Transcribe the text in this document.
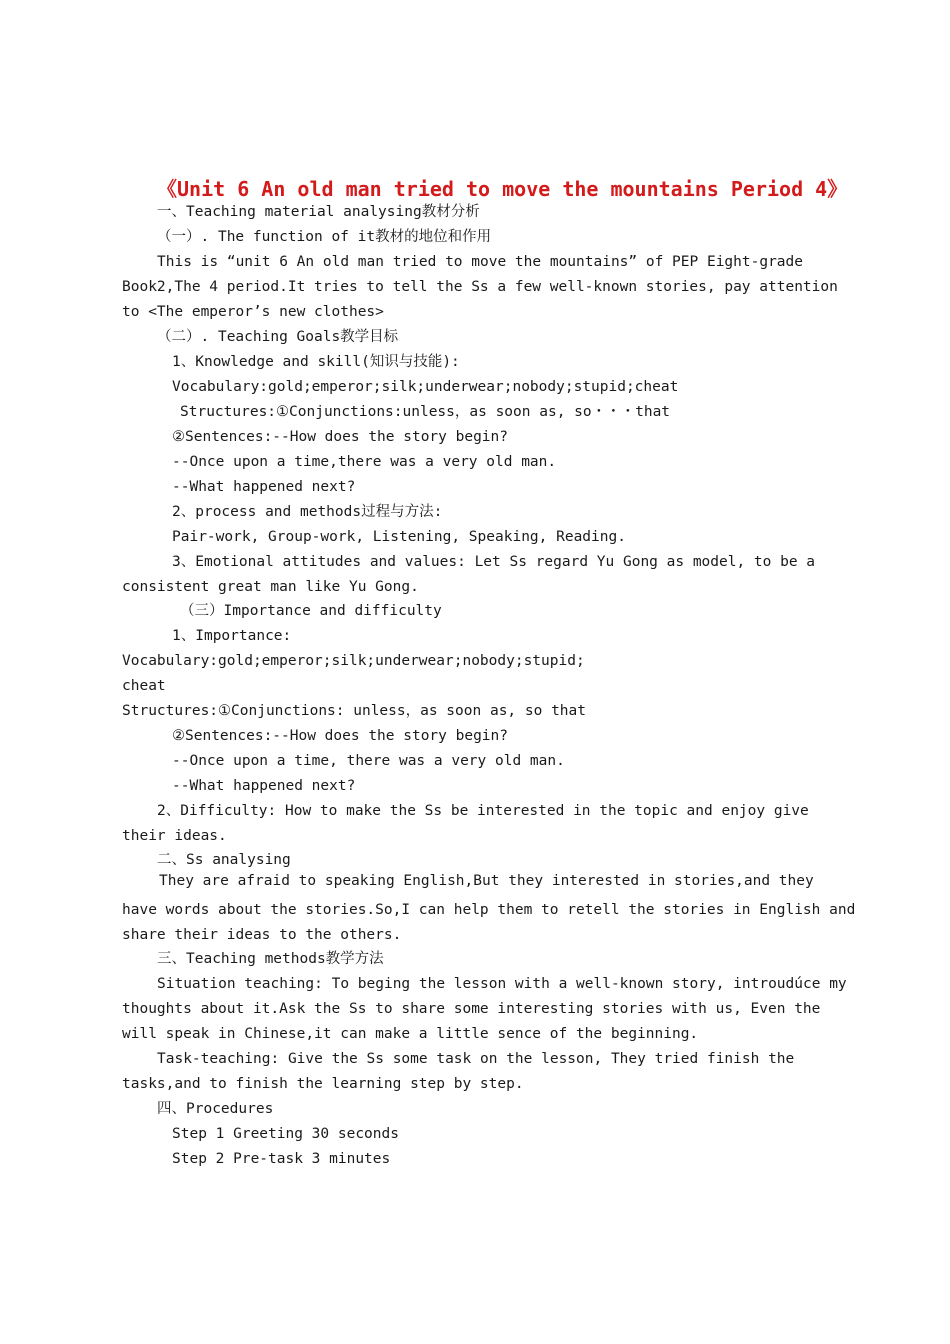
《Unit 6 An old man tried to move the mountains Period 4》
一、Teaching material analysing教材分析
（一）. The function of it教材的地位和作用
This is “unit 6 An old man tried to move the mountains” of PEP Eight-grade
Book2,The 4 period.It tries to tell the Ss a few well-known stories, pay attention
to <The emperor’s new clothes>
（二）. Teaching Goals教学目标
1、Knowledge and skill(知识与技能):
Vocabulary:gold;emperor;silk;underwear;nobody;stupid;cheat
Structures:①Conjunctions:unless，as soon as, so・・・that
②Sentences:--How does the story begin?
--Once upon a time,there was a very old man.
--What happened next?
2、process and methods过程与方法:
Pair-work, Group-work, Listening, Speaking, Reading.
3、Emotional attitudes and values: Let Ss regard Yu Gong as model, to be a
consistent great man like Yu Gong.
（三）Importance and difficulty
1、Importance:
Vocabulary:gold;emperor;silk;underwear;nobody;stupid;
cheat
Structures:①Conjunctions: unless，as soon as, so that
②Sentences:--How does the story begin?
--Once upon a time, there was a very old man.
--What happened next?
2、Difficulty: How to make the Ss be interested in the topic and enjoy give
their ideas.
二、Ss analysing
They are afraid to speaking English,But they interested in stories,and they
have words about the stories.So,I can help them to retell the stories in English and
share their ideas to the others.
三、Teaching methods教学方法
Situation teaching: To beging the lesson with a well-known story, introudúce my
thoughts about it.Ask the Ss to share some interesting stories with us, Even the
will speak in Chinese,it can make a little sence of the beginning.
Task-teaching: Give the Ss some task on the lesson, They tried finish the
tasks,and to finish the learning step by step.
四、Procedures
Step 1 Greeting 30 seconds
Step 2 Pre-task 3 minutes
